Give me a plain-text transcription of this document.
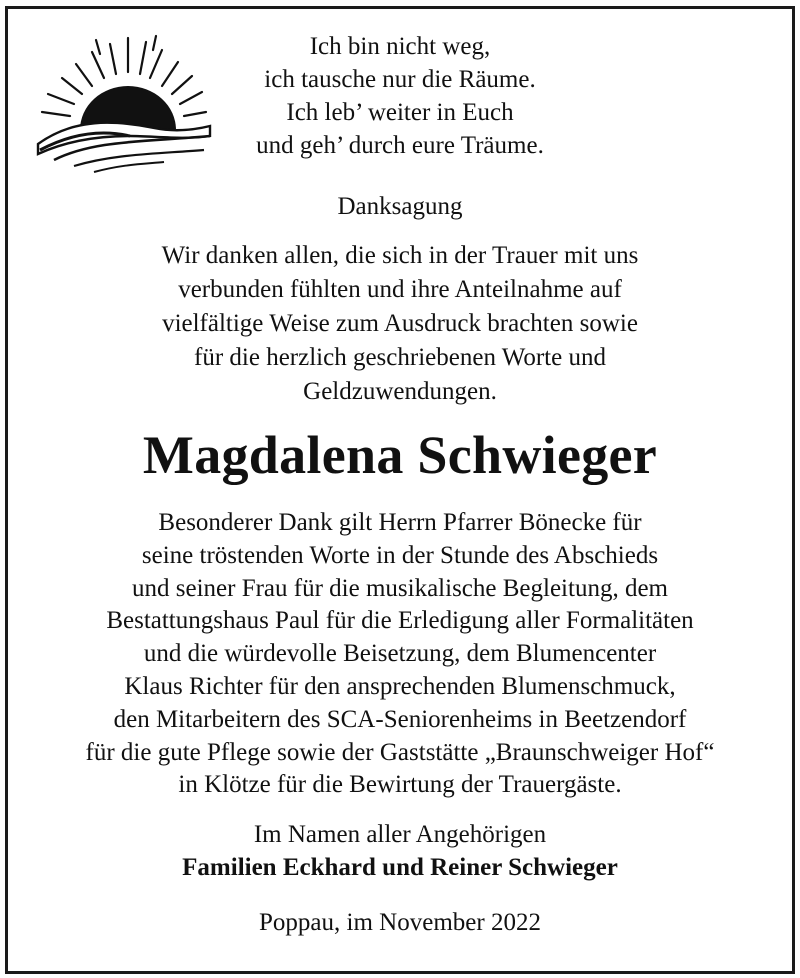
Ich bin nicht weg,
ich tausche nur die Räume.
Ich leb’ weiter in Euch
und geh’ durch eure Träume.
Danksagung
Wir danken allen, die sich in der Trauer mit uns
verbunden fühlten und ihre Anteilnahme auf
vielfältige Weise zum Ausdruck brachten sowie
für die herzlich geschriebenen Worte und
Geldzuwendungen.
Magdalena Schwieger
Besonderer Dank gilt Herrn Pfarrer Bönecke für
seine tröstenden Worte in der Stunde des Abschieds
und seiner Frau für die musikalische Begleitung, dem
Bestattungshaus Paul für die Erledigung aller Formalitäten
und die würdevolle Beisetzung, dem Blumencenter
Klaus Richter für den ansprechenden Blumenschmuck,
den Mitarbeitern des SCA-Seniorenheims in Beetzendorf
für die gute Pflege sowie der Gaststätte „Braunschweiger Hof“
in Klötze für die Bewirtung der Trauergäste.
Im Namen aller Angehörigen
Familien Eckhard und Reiner Schwieger
Poppau, im November 2022
